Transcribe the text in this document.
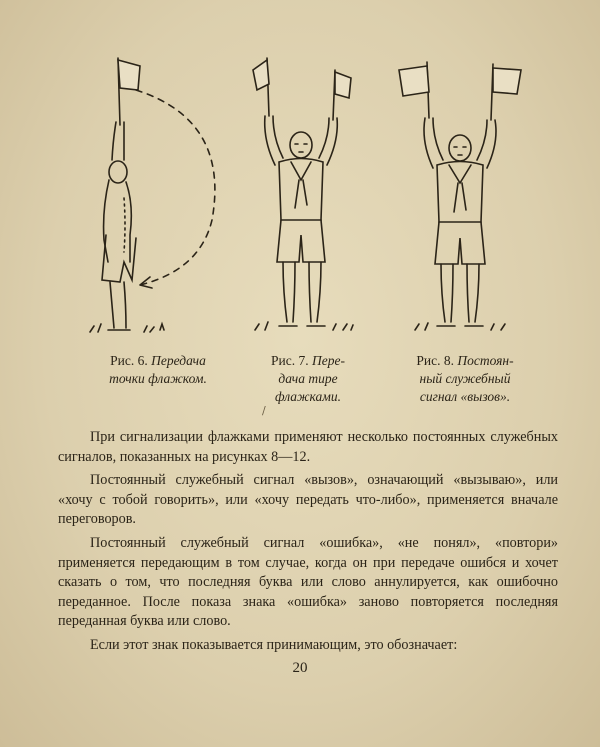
Рис. 6. Передача
точки флажком.
Рис. 7. Пере-
дача тире
флажками.
Рис. 8. Постоян-
ный служебный
сигнал «вызов».
/

При сигнализации флажками применяют несколько постоянных служебных сигналов, показанных на рисунках 8—12.

Постоянный служебный сигнал «вызов», означающий «вызываю», или «хочу с тобой говорить», или «хочу передать что-либо», применяется вначале переговоров.

Постоянный служебный сигнал «ошибка», «не понял», «повтори» применяется передающим в том случае, когда он при передаче ошибся и хочет сказать о том, что последняя буква или слово аннулируется, как ошибочно переданное. После показа знака «ошибка» заново повторяется последняя переданная буква или слово.

Если этот знак показывается принимающим, это обозначает:

20
